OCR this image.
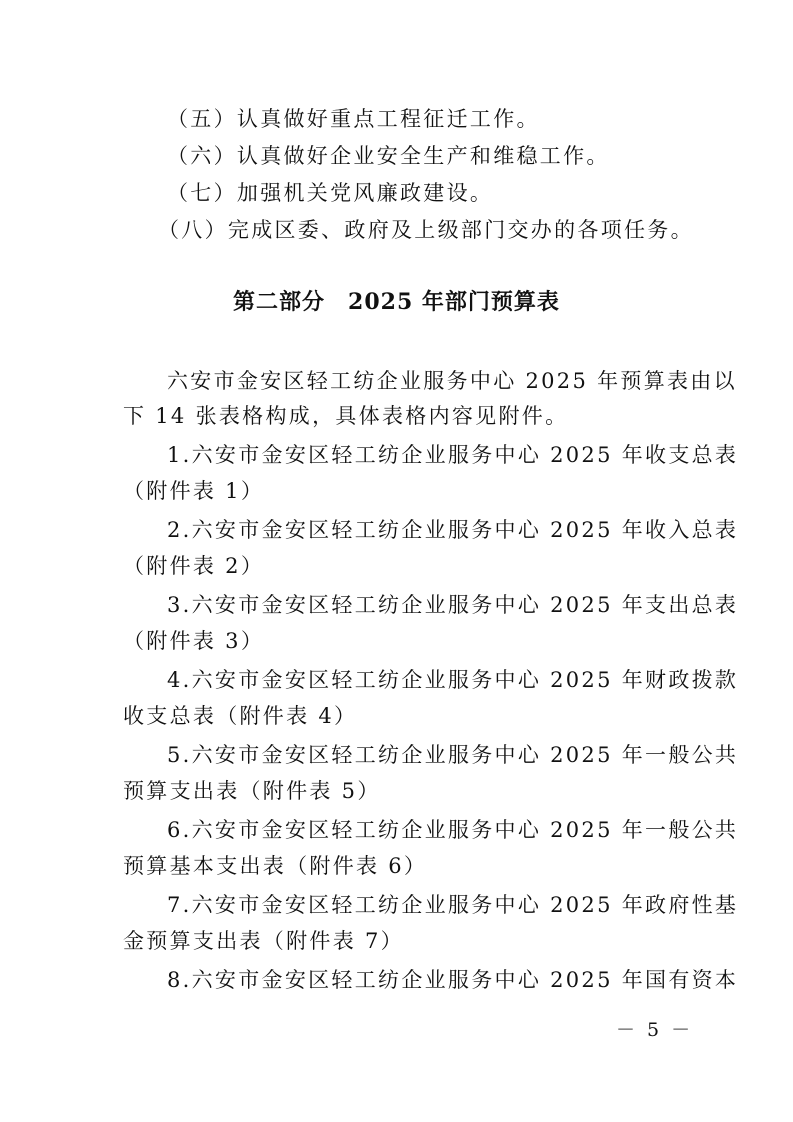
（五）认真做好重点工程征迁工作。
（六）认真做好企业安全生产和维稳工作。
（七）加强机关党风廉政建设。
（八）完成区委、政府及上级部门交办的各项任务。
第二部分　2025 年部门预算表
六安市金安区轻工纺企业服务中心 2025 年预算表由以
下 14 张表格构成，具体表格内容见附件。
1.六安市金安区轻工纺企业服务中心 2025 年收支总表
（附件表 1）
2.六安市金安区轻工纺企业服务中心 2025 年收入总表
（附件表 2）
3.六安市金安区轻工纺企业服务中心 2025 年支出总表
（附件表 3）
4.六安市金安区轻工纺企业服务中心 2025 年财政拨款
收支总表（附件表 4）
5.六安市金安区轻工纺企业服务中心 2025 年一般公共
预算支出表（附件表 5）
6.六安市金安区轻工纺企业服务中心 2025 年一般公共
预算基本支出表（附件表 6）
7.六安市金安区轻工纺企业服务中心 2025 年政府性基
金预算支出表（附件表 7）
8.六安市金安区轻工纺企业服务中心 2025 年国有资本
－ 5 －
